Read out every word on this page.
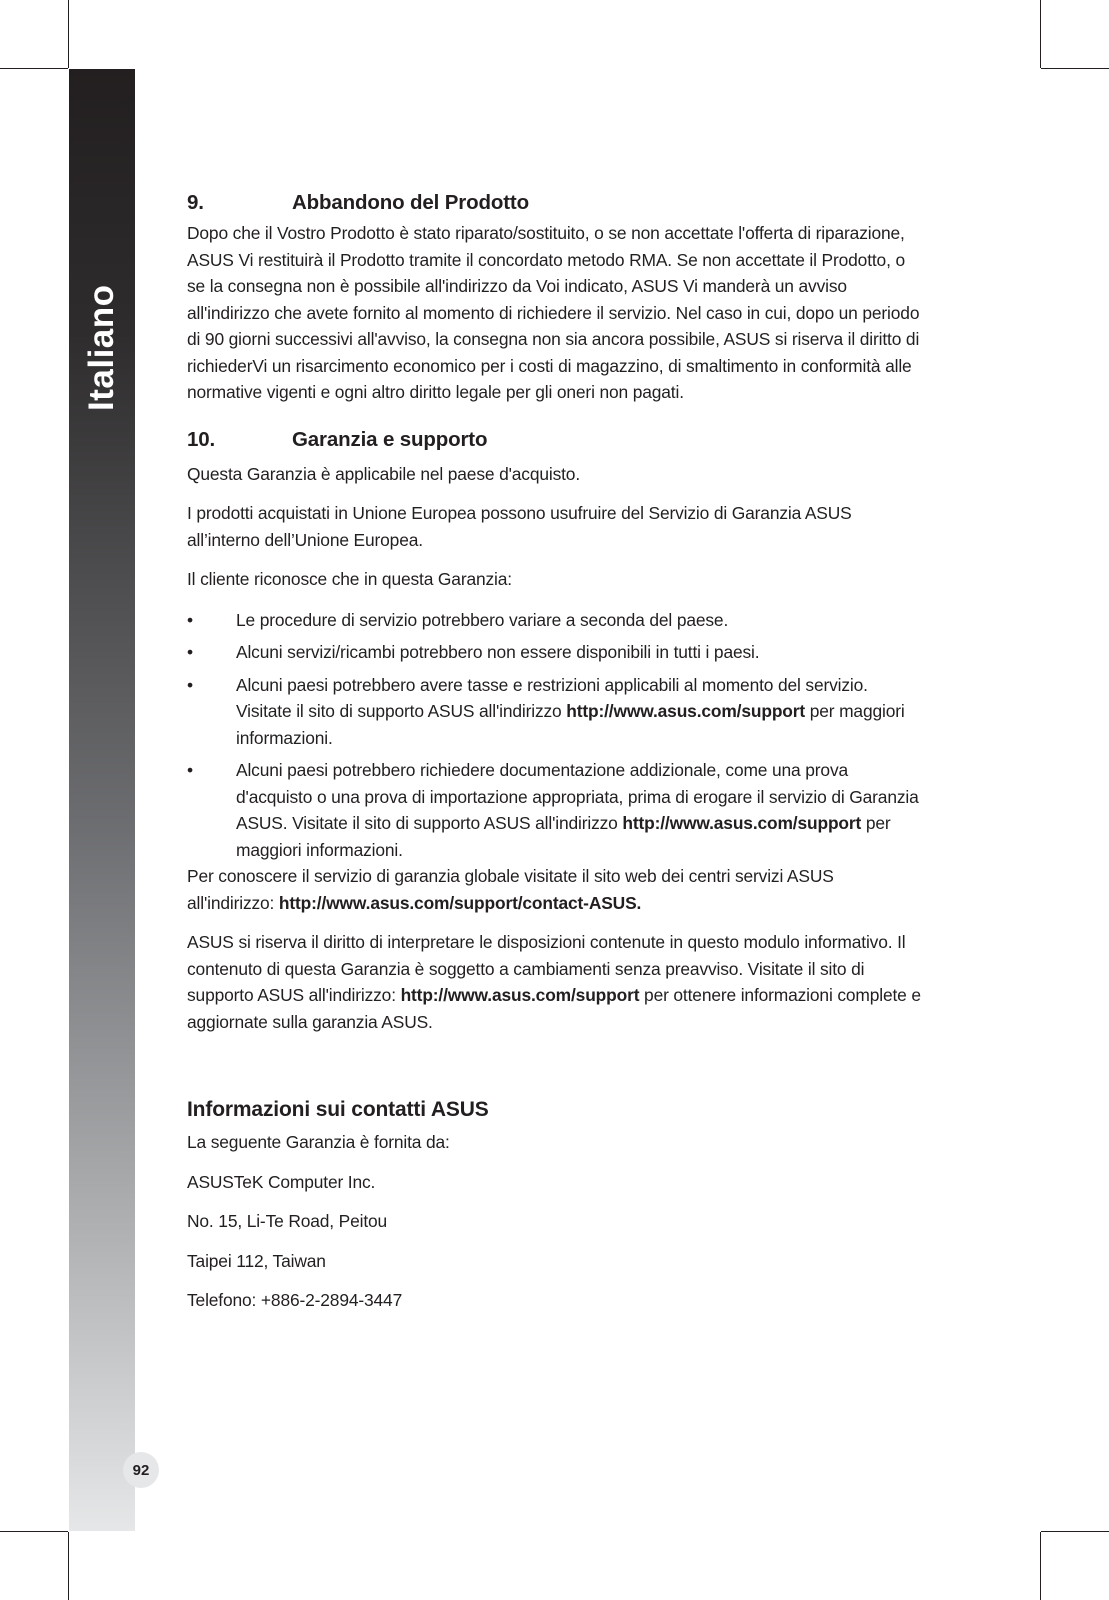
Italiano
92
9.	Abbandono del Prodotto

Dopo che il Vostro Prodotto è stato riparato/sostituito, o se non accettate l'offerta di riparazione, ASUS Vi restituirà il Prodotto tramite il concordato metodo RMA. Se non accettate il Prodotto, o se la consegna non è possibile all'indirizzo da Voi indicato, ASUS Vi manderà un avviso all'indirizzo che avete fornito al momento di richiedere il servizio. Nel caso in cui, dopo un periodo di 90 giorni successivi all'avviso, la consegna non sia ancora possibile, ASUS si riserva il diritto di richiederVi un risarcimento economico per i costi di magazzino, di smaltimento in conformità alle normative vigenti e ogni altro diritto legale per gli oneri non pagati.

10.	Garanzia e supporto

Questa Garanzia è applicabile nel paese d'acquisto.

I prodotti acquistati in Unione Europea possono usufruire del Servizio di Garanzia ASUS all’interno dell’Unione Europea.

Il cliente riconosce che in questa Garanzia:

• Le procedure di servizio potrebbero variare a seconda del paese.
• Alcuni servizi/ricambi potrebbero non essere disponibili in tutti i paesi.
• Alcuni paesi potrebbero avere tasse e restrizioni applicabili al momento del servizio. Visitate il sito di supporto ASUS all'indirizzo http://www.asus.com/support per maggiori informazioni.
• Alcuni paesi potrebbero richiedere documentazione addizionale, come una prova d'acquisto o una prova di importazione appropriata, prima di erogare il servizio di Garanzia ASUS. Visitate il sito di supporto ASUS all'indirizzo http://www.asus.com/support per maggiori informazioni.

Per conoscere il servizio di garanzia globale visitate il sito web dei centri servizi ASUS all'indirizzo: http://www.asus.com/support/contact-ASUS.

ASUS si riserva il diritto di interpretare le disposizioni contenute in questo modulo informativo. Il contenuto di questa Garanzia è soggetto a cambiamenti senza preavviso. Visitate il sito di supporto ASUS all'indirizzo: http://www.asus.com/support per ottenere informazioni complete e aggiornate sulla garanzia ASUS.

Informazioni sui contatti ASUS

La seguente Garanzia è fornita da:

ASUSTeK Computer Inc.

No. 15, Li-Te Road, Peitou

Taipei 112, Taiwan

Telefono: +886-2-2894-3447
